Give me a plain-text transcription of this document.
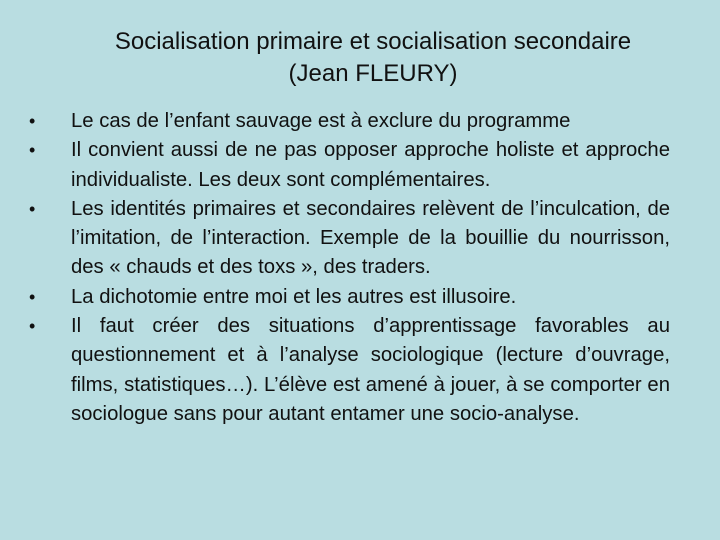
Socialisation primaire et socialisation secondaire
(Jean FLEURY)
• Le cas de l’enfant sauvage est à exclure du programme
• Il convient aussi de ne pas opposer approche holiste et approche individualiste. Les deux sont complémentaires.
• Les identités primaires et secondaires relèvent de l’inculcation, de l’imitation, de l’interaction. Exemple de la bouillie du nourrisson, des « chauds et des toxs », des traders.
• La dichotomie entre moi et les autres est illusoire.
• Il faut créer des situations d’apprentissage favorables au questionnement et à l’analyse sociologique (lecture d’ouvrage, films, statistiques…). L’élève est amené à jouer, à se comporter en sociologue sans pour autant entamer une socio-analyse.
